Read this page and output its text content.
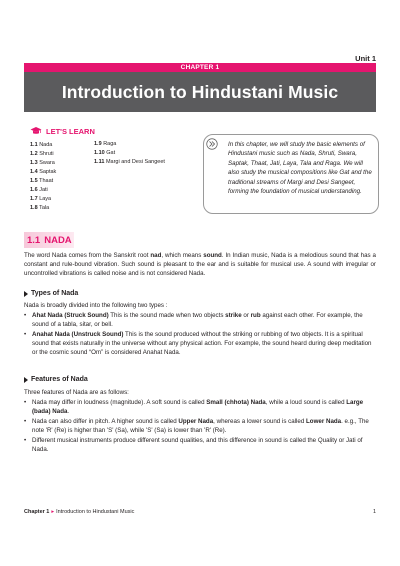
Unit 1
CHAPTER 1
Introduction to Hindustani Music
LET'S LEARN
1.1 Nada
1.2 Shruti
1.3 Swara
1.4 Saptak
1.5 Thaat
1.6 Jati
1.7 Laya
1.8 Tala
1.9 Raga
1.10 Gat
1.11 Margi and Desi Sangeet
In this chapter, we will study the basic elements of Hindustani music such as Nada, Shruti, Swara, Saptak, Thaat, Jati, Laya, Tala and Raga. We will also study the musical compositions like Gat and the traditional streams of Margi and Desi Sangeet, forming the foundation of musical understanding.
1.1 NADA

The word Nada comes from the Sanskrit root nad, which means sound. In Indian music, Nada is a melodious sound that has a constant and rule-bound vibration. Such sound is pleasant to the ear and is suitable for musical use. A sound with irregular or uncontrolled vibrations is called noise and is not considered Nada.

Types of Nada

Nada is broadly divided into the following two types :

• Ahat Nada (Struck Sound) This is the sound made when two objects strike or rub against each other. For example, the sound of a tabla, sitar, or bell.
• Anahat Nada (Unstruck Sound) This is the sound produced without the striking or rubbing of two objects. It is a spiritual sound that exists naturally in the universe without any physical action. For example, the sound heard during deep meditation or the cosmic sound “Om” is considered Anahat Nada.
Features of Nada

Three features of Nada are as follows:

• Nada may differ in loudness (magnitude). A soft sound is called Small (chhota) Nada, while a loud sound is called Large (bada) Nada.
• Nada can also differ in pitch. A higher sound is called Upper Nada, whereas a lower sound is called Lower Nada. e.g., The note 'R' (Re) is higher than 'S' (Sa), while 'S' (Sa) is lower than 'R' (Re).
• Different musical instruments produce different sound qualities, and this difference in sound is called the Quality or Jati of Nada.
Chapter 1 ▸ Introduction to Hindustani Music	1
